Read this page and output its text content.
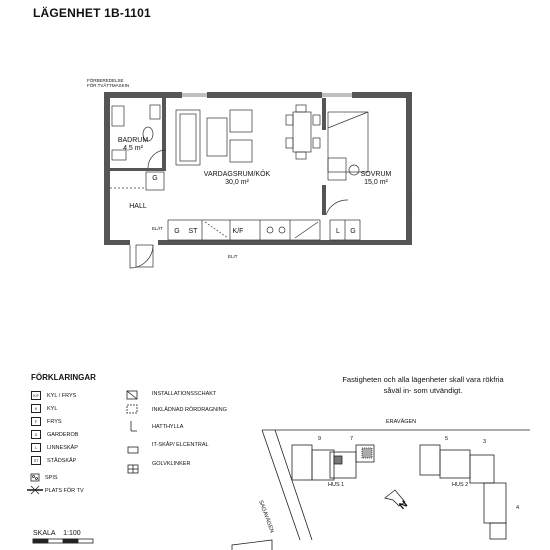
LÄGENHET 1B-1101
FÖRBEREDELSE
FÖR TVÄTTMASKIN
BADRUM
4,5 m²
VARDAGSRUM/KÖK
30,0 m²
SOVRUM
15,0 m²
HALL
G	ST	K/F	L	G
G
EL/IT
ELIT
FÖRKLARINGAR
K/F	KYL / FRYS
K	KYL
F	FRYS
G	GARDEROB
L	LINNESKÅP
ST	STÅDSKÅP
SPIS
PLATS FÖR TV
INSTALLATIONSSCHAKT
INKLÄDNAD RÖRDRAGNING
HATTHYLLA
IT-SKÅP/ ELCENTRAL
GOLVKLINKER
Fastigheten och alla lägenheter skall vara rökfria såväl in- som utvändigt.
ERAVÄGEN
SAGAVÄGEN
HUS 1	HUS 2
9	7	5	3
4
N
SKALA 1:100
